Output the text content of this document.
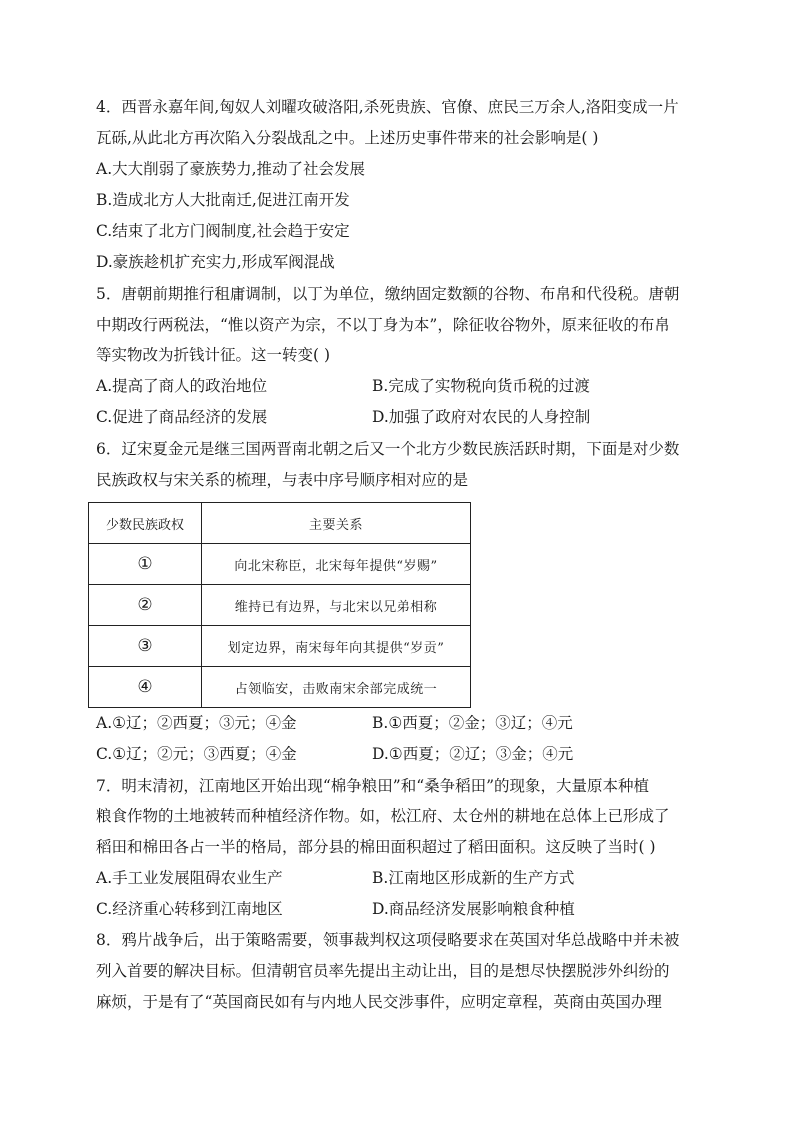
4．西晋永嘉年间,匈奴人刘曜攻破洛阳,杀死贵族、官僚、庶民三万余人,洛阳变成一片
瓦砾,从此北方再次陷入分裂战乱之中。上述历史事件带来的社会影响是( )
A.大大削弱了豪族势力,推动了社会发展
B.造成北方人大批南迁,促进江南开发
C.结束了北方门阀制度,社会趋于安定
D.豪族趁机扩充实力,形成军阀混战
5．唐朝前期推行租庸调制，以丁为单位，缴纳固定数额的谷物、布帛和代役税。唐朝
中期改行两税法，“惟以资产为宗，不以丁身为本”，除征收谷物外，原来征收的布帛
等实物改为折钱计征。这一转变( )
A.提高了商人的政治地位	B.完成了实物税向货币税的过渡
C.促进了商品经济的发展	D.加强了政府对农民的人身控制
6．辽宋夏金元是继三国两晋南北朝之后又一个北方少数民族活跃时期，下面是对少数
民族政权与宋关系的梳理，与表中序号顺序相对应的是
少数民族政权	主要关系
①	向北宋称臣，北宋每年提供“岁赐”
②	维持已有边界，与北宋以兄弟相称
③	划定边界，南宋每年向其提供“岁贡”
④	占领临安，击败南宋余部完成统一
A.①辽；②西夏；③元；④金	B.①西夏；②金；③辽；④元
C.①辽；②元；③西夏；④金	D.①西夏；②辽；③金；④元
7．明末清初，江南地区开始出现“棉争粮田”和“桑争稻田”的现象，大量原本种植
粮食作物的土地被转而种植经济作物。如，松江府、太仓州的耕地在总体上已形成了
稻田和棉田各占一半的格局，部分县的棉田面积超过了稻田面积。这反映了当时( )
A.手工业发展阻碍农业生产	B.江南地区形成新的生产方式
C.经济重心转移到江南地区	D.商品经济发展影响粮食种植
8．鸦片战争后，出于策略需要，领事裁判权这项侵略要求在英国对华总战略中并未被
列入首要的解决目标。但清朝官员率先提出主动让出，目的是想尽快摆脱涉外纠纷的
麻烦，于是有了“英国商民如有与内地人民交涉事件，应明定章程，英商由英国办理
